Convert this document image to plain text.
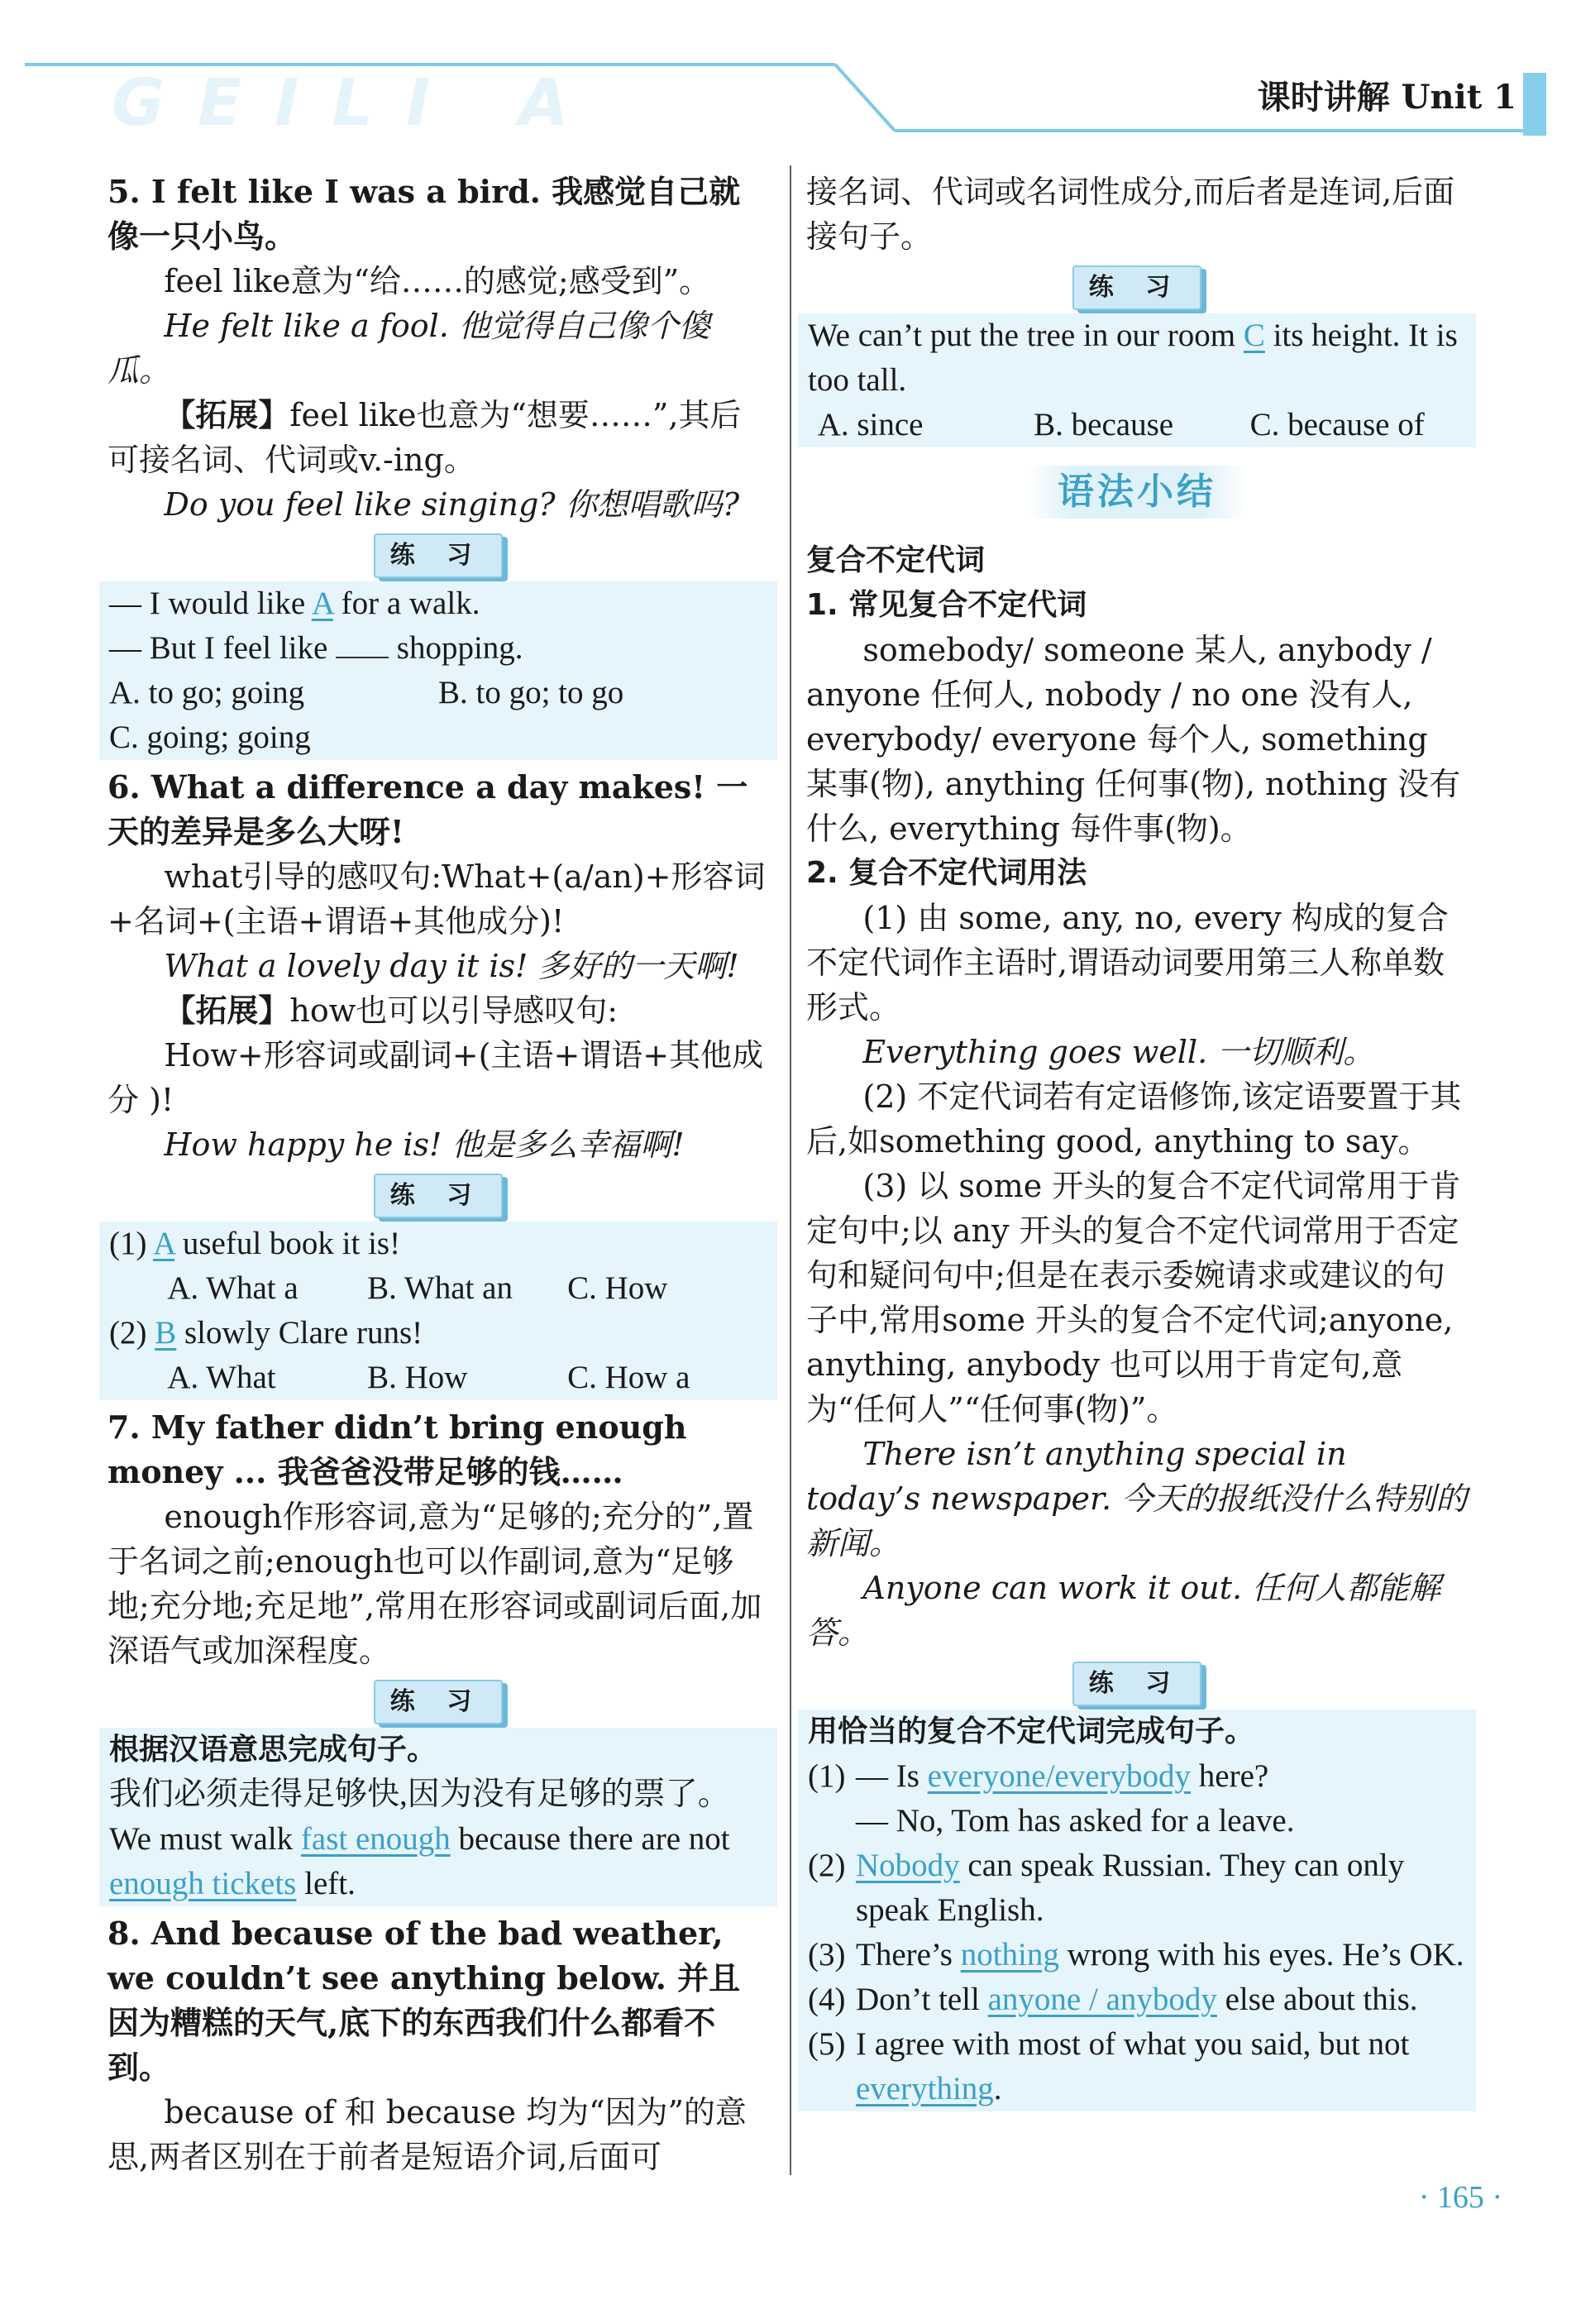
GEILI A	课时讲解 Unit 1

5. I felt like I was a bird. 我感觉自己就像一只小鸟。

feel like意为“给……的感觉;感受到”。

He felt like a fool. 他觉得自己像个傻瓜。

【拓展】feel like也意为“想要……”,其后可接名词、代词或v.-ing。

Do you feel like singing? 你想唱歌吗?

练 习
— I would like A for a walk.
— But I feel like  shopping.
A. to go; going	B. to go; to go
C. going; going

6. What a difference a day makes! 一天的差异是多么大呀!

what引导的感叹句:What+(a/an)+形容词+名词+(主语+谓语+其他成分)!

What a lovely day it is! 多好的一天啊!

【拓展】how也可以引导感叹句:

How+形容词或副词+(主语+谓语+其他成分 )!

How happy he is! 他是多么幸福啊!

练 习
(1) A useful book it is!
A. What a	B. What an	C. How
(2) B slowly Clare runs!
A. What	B. How	C. How a

7. My father didn’t bring enough money ... 我爸爸没带足够的钱……

enough作形容词,意为“足够的;充分的”,置于名词之前;enough也可以作副词,意为“足够地;充分地;充足地”,常用在形容词或副词后面,加深语气或加深程度。

练 习
根据汉语意思完成句子。
我们必须走得足够快,因为没有足够的票了。
We must walk fast enough because there are not enough tickets left.

8. And because of the bad weather, we couldn’t see anything below. 并且因为糟糕的天气,底下的东西我们什么都看不到。

because of 和 because 均为“因为”的意思,两者区别在于前者是短语介词,后面可

接名词、代词或名词性成分,而后者是连词,后面接句子。

练 习
We can’t put the tree in our room C its height. It is too tall.
A. since	B. because	C. because of
语法小结

复合不定代词

1. 常见复合不定代词

somebody/ someone 某人, anybody / anyone 任何人, nobody / no one 没有人, everybody/ everyone 每个人, something 某事(物), anything 任何事(物), nothing 没有什么, everything 每件事(物)。

2. 复合不定代词用法

(1) 由 some, any, no, every 构成的复合不定代词作主语时,谓语动词要用第三人称单数形式。

Everything goes well. 一切顺利。

(2) 不定代词若有定语修饰,该定语要置于其后,如something good, anything to say。

(3) 以 some 开头的复合不定代词常用于肯定句中;以 any 开头的复合不定代词常用于否定句和疑问句中;但是在表示委婉请求或建议的句子中,常用some 开头的复合不定代词;anyone, anything, anybody 也可以用于肯定句,意为“任何人”“任何事(物)”。

There isn’t anything special in today’s newspaper. 今天的报纸没什么特别的新闻。

Anyone can work it out. 任何人都能解答。

练 习
用恰当的复合不定代词完成句子。
(1) — Is everyone/everybody here?
— No, Tom has asked for a leave.
(2) Nobody can speak Russian. They can only speak English.
(3) There’s nothing wrong with his eyes. He’s OK.
(4) Don’t tell anyone / anybody else about this.
(5) I agree with most of what you said, but not everything.
· 165 ·
